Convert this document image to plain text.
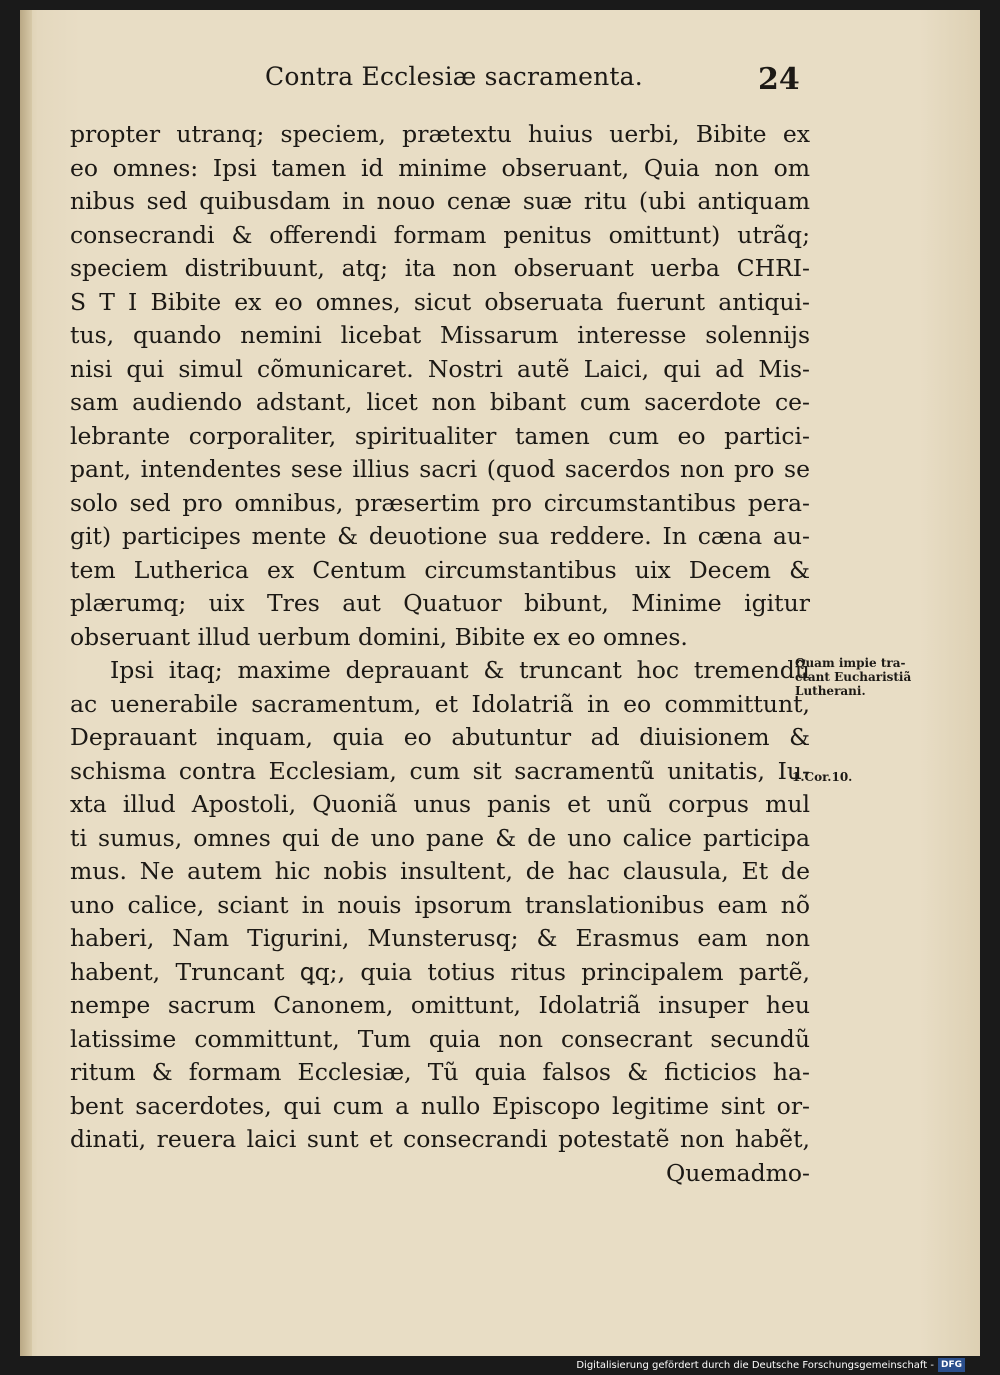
Contra Ecclesiæ sacramenta.	24
propter utranq; speciem, prætextu huius uerbi, Bibite ex
eo omnes: Ipsi tamen id minime obseruant, Quia non om
nibus sed quibusdam in nouo cenæ suæ ritu (ubi antiquam
consecrandi & offerendi formam penitus omittunt) utrãq;
speciem distribuunt, atq; ita non obseruant uerba CHRI-
S T I Bibite ex eo omnes, sicut obseruata fuerunt antiqui-
tus, quando nemini licebat Missarum interesse solennijs
nisi qui simul cõmunicaret. Nostri autẽ Laici, qui ad Mis-
sam audiendo adstant, licet non bibant cum sacerdote ce-
lebrante corporaliter, spiritualiter tamen cum eo partici-
pant, intendentes sese illius sacri (quod sacerdos non pro se
solo sed pro omnibus, præsertim pro circumstantibus pera-
git) participes mente & deuotione sua reddere. In cæna au-
tem Lutherica ex Centum circumstantibus uix Decem &
plærumq; uix Tres aut Quatuor bibunt, Minime igitur
obseruant illud uerbum domini, Bibite ex eo omnes.
Ipsi itaq; maxime deprauant & truncant hoc tremendũ
ac uenerabile sacramentum, et Idolatriã in eo committunt,
Deprauant inquam, quia eo abutuntur ad diuisionem &
schisma contra Ecclesiam, cum sit sacramentũ unitatis, Iu-
xta illud Apostoli, Quoniã unus panis et unũ corpus mul
ti sumus, omnes qui de uno pane & de uno calice participa
mus. Ne autem hic nobis insultent, de hac clausula, Et de
uno calice, sciant in nouis ipsorum translationibus eam nõ
haberi, Nam Tigurini, Munsterusq; & Erasmus eam non
habent, Truncant ꝗq;, quia totius ritus principalem partẽ,
nempe sacrum Canonem, omittunt, Idolatriã insuper heu
latissime committunt, Tum quia non consecrant secundũ
ritum & formam Ecclesiæ, Tũ quia falsos & ficticios ha-
bent sacerdotes, qui cum a nullo Episcopo legitime sint or-
dinati, reuera laici sunt et consecrandi potestatẽ non habẽt,
Quemadmo-
Quam impie tra-
ctant Eucharistiã
Lutherani.
1.Cor.10.
Digitalisierung gefördert durch die Deutsche Forschungsgemeinschaft - DFG
